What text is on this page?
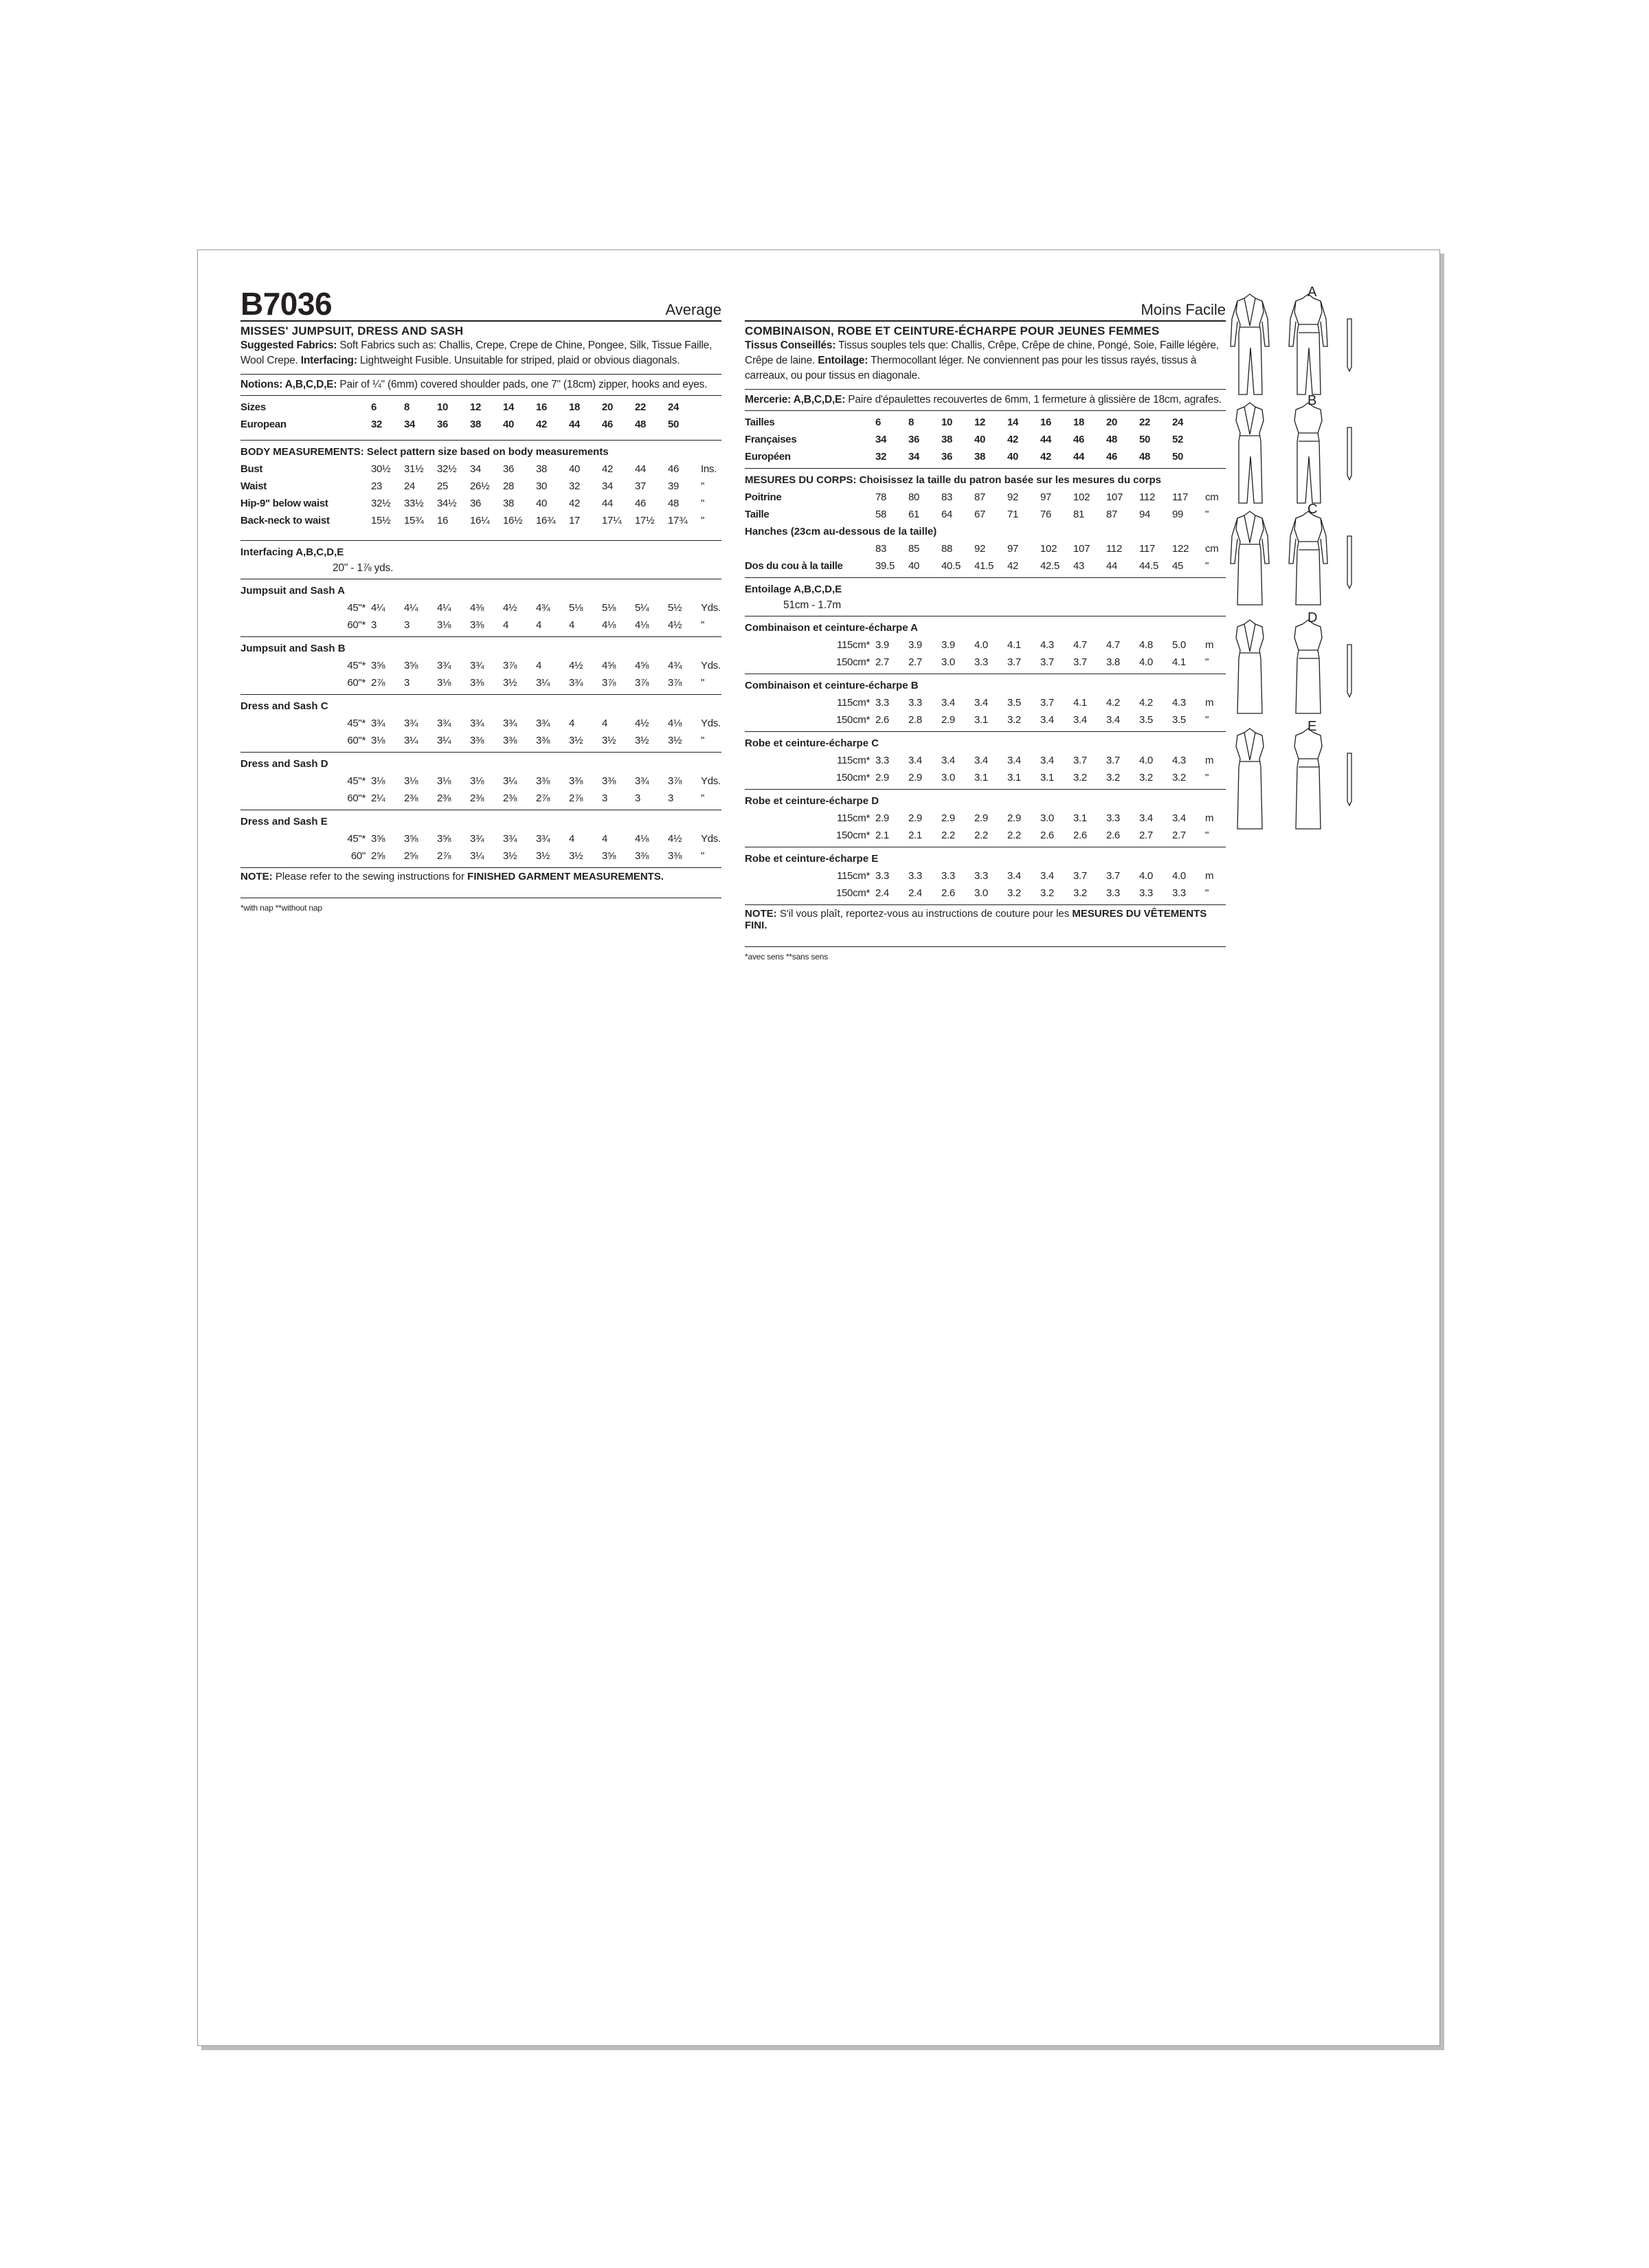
B7036	Average
MISSES' JUMPSUIT, DRESS AND SASH
Suggested Fabrics: Soft Fabrics such as: Challis, Crepe, Crepe de Chine, Pongee, Silk, Tissue Faille, Wool Crepe. Interfacing: Lightweight Fusible. Unsuitable for striped, plaid or obvious diagonals.
Notions: A,B,C,D,E: Pair of ¼" (6mm) covered shoulder pads, one 7" (18cm) zipper, hooks and eyes.
Sizes	6	8	10	12	14	16	18	20	22	24	
European	32	34	36	38	40	42	44	46	48	50	
BODY MEASUREMENTS: Select pattern size based on body measurements
Bust	30½	31½	32½	34	36	38	40	42	44	46	Ins.
Waist	23	24	25	26½	28	30	32	34	37	39	"
Hip-9" below waist	32½	33½	34½	36	38	40	42	44	46	48	"
Back-neck to waist	15½	15¾	16	16¼	16½	16¾	17	17¼	17½	17¾	"
Interfacing A,B,C,D,E
20" - 1⅞ yds.
Jumpsuit and Sash A
	45"*	4¼	4¼	4¼	4⅜	4½	4¾	5⅛	5⅛	5¼	5½	Yds.
	60"*	3	3	3⅛	3⅜	4	4	4	4⅛	4⅛	4½	"
Jumpsuit and Sash B
	45"*	3⅝	3⅝	3¾	3¾	3⅞	4	4½	4⅝	4⅝	4¾	Yds.
	60"*	2⅞	3	3⅛	3⅜	3½	3¼	3¾	3⅞	3⅞	3⅞	"
Dress and Sash C
	45"*	3¾	3¾	3¾	3¾	3¾	3¾	4	4	4½	4⅛	Yds.
	60"*	3⅛	3¼	3¼	3⅜	3⅜	3⅜	3½	3½	3½	3½	"
Dress and Sash D
	45"*	3⅛	3⅛	3⅛	3⅛	3¼	3⅜	3⅜	3⅜	3¾	3⅞	Yds.
	60"*	2¼	2⅜	2⅜	2⅜	2⅜	2⅞	2⅞	3	3	3	"
Dress and Sash E
	45"*	3⅝	3⅝	3⅝	3¾	3¾	3¾	4	4	4⅛	4½	Yds.
	60"	2⅝	2⅝	2⅞	3¼	3½	3½	3½	3⅝	3⅜	3⅜	"
NOTE: Please refer to the sewing instructions for FINISHED GARMENT MEASUREMENTS.
*with nap **without nap
Moins Facile
COMBINAISON, ROBE ET CEINTURE-ÉCHARPE POUR JEUNES FEMMES
Tissus Conseillés: Tissus souples tels que: Challis, Crêpe, Crêpe de chine, Pongé, Soie, Faille légère, Crêpe de laine. Entoilage: Thermocollant léger. Ne conviennent pas pour les tissus rayés, tissus à carreaux, ou pour tissus en diagonale.
Mercerie: A,B,C,D,E: Paire d'épaulettes recouvertes de 6mm, 1 fermeture à glissière de 18cm, agrafes.
Tailles	6	8	10	12	14	16	18	20	22	24	
Françaises	34	36	38	40	42	44	46	48	50	52	
Européen	32	34	36	38	40	42	44	46	48	50	
MESURES DU CORPS: Choisissez la taille du patron basée sur les mesures du corps
Poitrine	78	80	83	87	92	97	102	107	112	117	cm
Taille	58	61	64	67	71	76	81	87	94	99	"
Hanches (23cm au-dessous de la taille)
	83	85	88	92	97	102	107	112	117	122	cm
Dos du cou à la taille	39.5	40	40.5	41.5	42	42.5	43	44	44.5	45	"
Entoilage A,B,C,D,E
51cm - 1.7m
Combinaison et ceinture-écharpe A
	115cm*	3.9	3.9	3.9	4.0	4.1	4.3	4.7	4.7	4.8	5.0	m
	150cm*	2.7	2.7	3.0	3.3	3.7	3.7	3.7	3.8	4.0	4.1	"
Combinaison et ceinture-écharpe B
	115cm*	3.3	3.3	3.4	3.4	3.5	3.7	4.1	4.2	4.2	4.3	m
	150cm*	2.6	2.8	2.9	3.1	3.2	3.4	3.4	3.4	3.5	3.5	"
Robe et ceinture-écharpe C
	115cm*	3.3	3.4	3.4	3.4	3.4	3.4	3.7	3.7	4.0	4.3	m
	150cm*	2.9	2.9	3.0	3.1	3.1	3.1	3.2	3.2	3.2	3.2	"
Robe et ceinture-écharpe D
	115cm*	2.9	2.9	2.9	2.9	2.9	3.0	3.1	3.3	3.4	3.4	m
	150cm*	2.1	2.1	2.2	2.2	2.2	2.6	2.6	2.6	2.7	2.7	"
Robe et ceinture-écharpe E
	115cm*	3.3	3.3	3.3	3.3	3.4	3.4	3.7	3.7	4.0	4.0	m
	150cm*	2.4	2.4	2.6	3.0	3.2	3.2	3.2	3.3	3.3	3.3	"
NOTE: S'il vous plaît, reportez-vous au instructions de couture pour les MESURES DU VÊTEMENTS FINI.
*avec sens **sans sens
A
B
C
D
E
